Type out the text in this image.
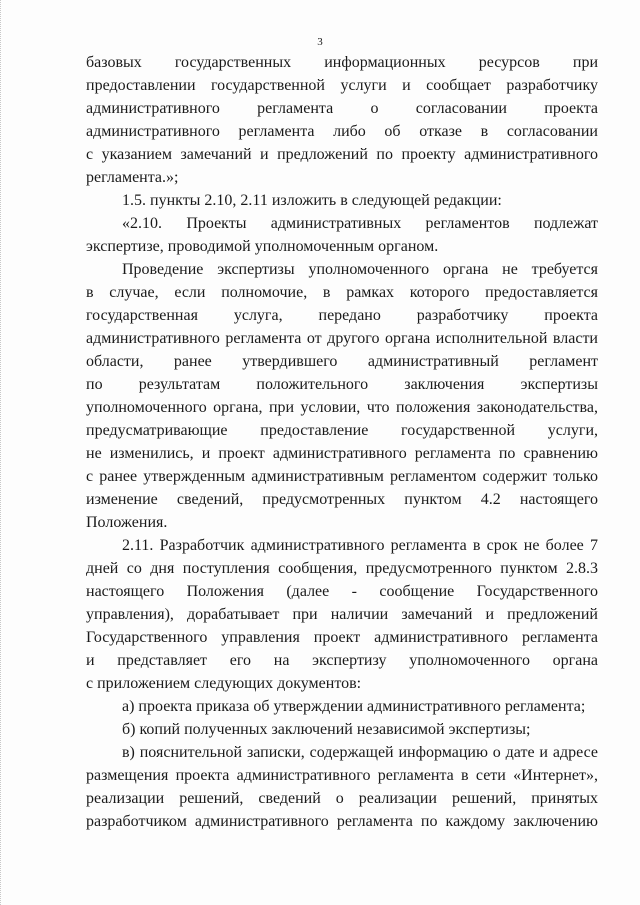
3
базовых государственных информационных ресурсов при
предоставлении государственной услуги и сообщает разработчику
административного регламента о согласовании проекта
административного регламента либо об отказе в согласовании
с указанием замечаний и предложений по проекту административного
регламента.»;
1.5. пункты 2.10, 2.11 изложить в следующей редакции:
«2.10. Проекты административных регламентов подлежат
экспертизе, проводимой уполномоченным органом.
Проведение экспертизы уполномоченного органа не требуется
в случае, если полномочие, в рамках которого предоставляется
государственная услуга, передано разработчику проекта
административного регламента от другого органа исполнительной власти
области, ранее утвердившего административный регламент
по результатам положительного заключения экспертизы
уполномоченного органа, при условии, что положения законодательства,
предусматривающие предоставление государственной услуги,
не изменились, и проект административного регламента по сравнению
с ранее утвержденным административным регламентом содержит только
изменение сведений, предусмотренных пунктом 4.2 настоящего
Положения.
2.11. Разработчик административного регламента в срок не более 7
дней со дня поступления сообщения, предусмотренного пунктом 2.8.3
настоящего Положения (далее - сообщение Государственного
управления), дорабатывает при наличии замечаний и предложений
Государственного управления проект административного регламента
и представляет его на экспертизу уполномоченного органа
с приложением следующих документов:
а) проекта приказа об утверждении административного регламента;
б) копий полученных заключений независимой экспертизы;
в) пояснительной записки, содержащей информацию о дате и адресе
размещения проекта административного регламента в сети «Интернет»,
реализации решений, сведений о реализации решений, принятых
разработчиком административного регламента по каждому заключению
